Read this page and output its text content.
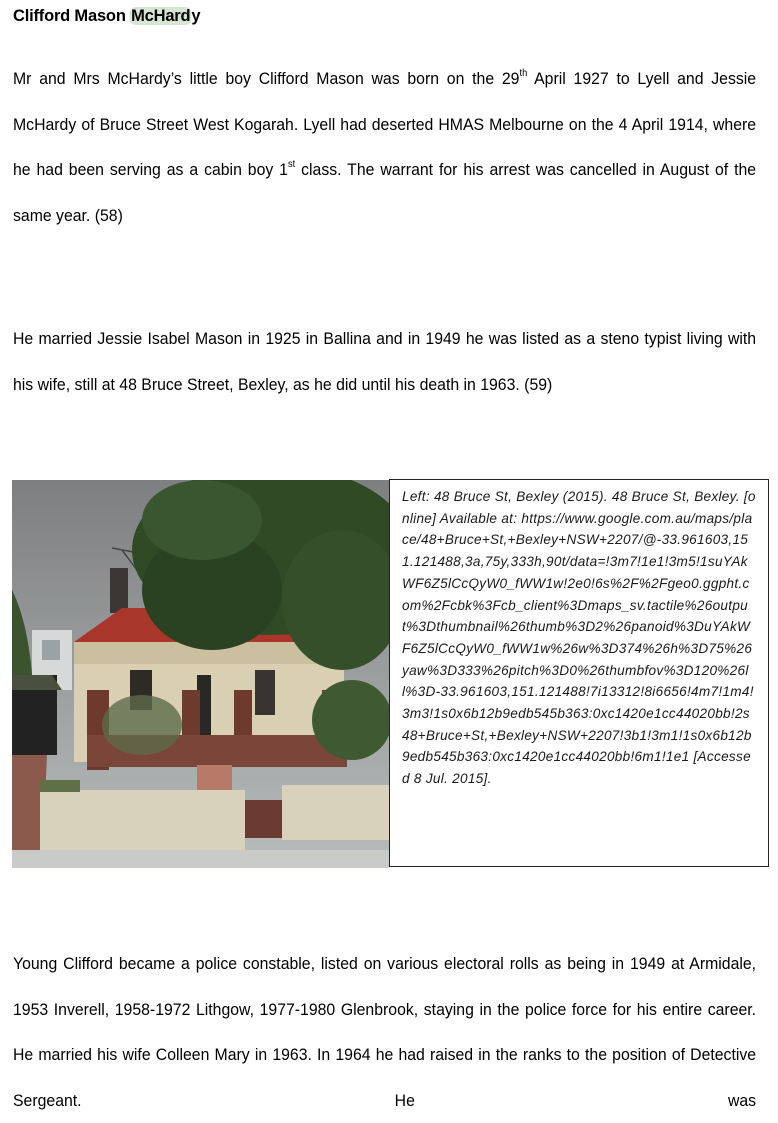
Clifford Mason McHardy
Mr and Mrs McHardy’s little boy Clifford Mason was born on the 29th April 1927 to Lyell and Jessie McHardy of Bruce Street West Kogarah. Lyell had deserted HMAS Melbourne on the 4 April 1914, where he had been serving as a cabin boy 1st class. The warrant for his arrest was cancelled in August of the same year. (58)
He married Jessie Isabel Mason in 1925 in Ballina and in 1949 he was listed as a steno typist living with his wife, still at 48 Bruce Street, Bexley, as he did until his death in 1963. (59)
Left: 48 Bruce St, Bexley (2015). 48 Bruce St, Bexley. [online] Available at: https://www.google.com.au/maps/place/48+Bruce+St,+Bexley+NSW+2207/@-33.961603,151.121488,3a,75y,333h,90t/data=!3m7!1e1!3m5!1suYAkWF6Z5lCcQyW0_fWW1w!2e0!6s%2F%2Fgeo0.ggpht.com%2Fcbk%3Fcb_client%3Dmaps_sv.tactile%26output%3Dthumbnail%26thumb%3D2%26panoid%3DuYAkWF6Z5lCcQyW0_fWW1w%26w%3D374%26h%3D75%26yaw%3D333%26pitch%3D0%26thumbfov%3D120%26ll%3D-33.961603,151.121488!7i13312!8i6656!4m7!1m4!3m3!1s0x6b12b9edb545b363:0xc1420e1cc44020bb!2s48+Bruce+St,+Bexley+NSW+2207!3b1!3m1!1s0x6b12b9edb545b363:0xc1420e1cc44020bb!6m1!1e1 [Accessed 8 Jul. 2015].
Young Clifford became a police constable, listed on various electoral rolls as being in 1949 at Armidale, 1953 Inverell, 1958-1972 Lithgow, 1977-1980 Glenbrook, staying in the police force for his entire career. He married his wife Colleen Mary in 1963. In 1964 he had raised in the ranks to the position of Detective Sergeant. He was
